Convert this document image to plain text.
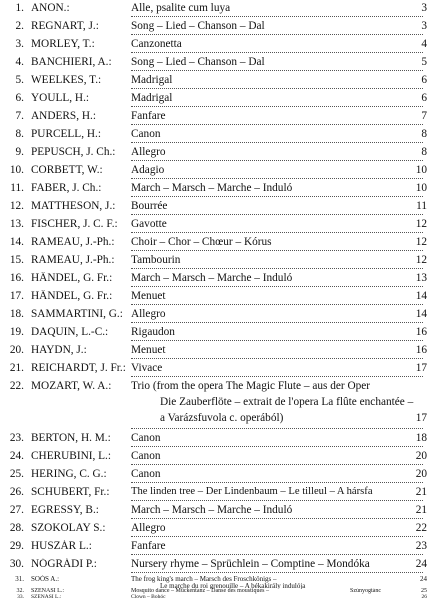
1. ANON.:	Alle, psalite cum luya	3
2. REGNART, J.:	Song – Lied – Chanson – Dal	3
3. MORLEY, T.:	Canzonetta	4
4. BANCHIERI, A.:	Song – Lied – Chanson – Dal	5
5. WEELKES, T.:	Madrigal	6
6. YOULL, H.:	Madrigal	6
7. ANDERS, H.:	Fanfare	7
8. PURCELL, H.:	Canon	8
9. PEPUSCH, J. Ch.:	Allegro	8
10. CORBETT, W.:	Adagio	10
11. FABER, J. Ch.:	March – Marsch – Marche – Induló	10
12. MATTHESON, J.:	Bourrée	11
13. FISCHER, J. C. F.:	Gavotte	12
14. RAMEAU, J.-Ph.:	Choir – Chor – Chœur – Kórus	12
15. RAMEAU, J.-Ph.:	Tambourin	12
16. HÄNDEL, G. Fr.:	March – Marsch – Marche – Induló	13
17. HÄNDEL, G. Fr.:	Menuet	14
18. SAMMARTINI, G.: Allegro	14
19. DAQUIN, L.-C.:	Rigaudon	16
20. HAYDN, J.:	Menuet	16
21. REICHARDT, J. Fr.: Vivace	17
22. MOZART, W. A.:	Trio (from the opera The Magic Flute – aus der Oper
Die Zauberflöte – extrait de l'opera La flûte enchantée –
a Varázsfuvola c. operából)	17
23. BERTON, H. M.:	Canon	18
24. CHERUBINI, L.:	Canon	20
25. HERING, C. G.:	Canon	20
26. SCHUBERT, Fr.:	The linden tree – Der Lindenbaum – Le tilleul – A hársfa	21
27. EGRESSY, B.:	March – Marsch – Marche – Induló	21
28. SZOKOLAY S.:	Allegro	22
29. HUSZÁR L.:	Fanfare	23
30. NÓGRÁDI P.:	Nursery rhyme – Sprüchlein – Comptine – Mondóka	24
31. SOÓS A.:	The frog king's march – Marsch des Froschkönigs –	24
Le marche du roi grenouille – A békakirály indulója
32. SZÉNÁSI L.:	Mosquito dance – Mückentanz – Danse des moustiques –	Szúnyogtánc	25
33. SZÉNÁSI L.:	Clown – Bohóc	26
